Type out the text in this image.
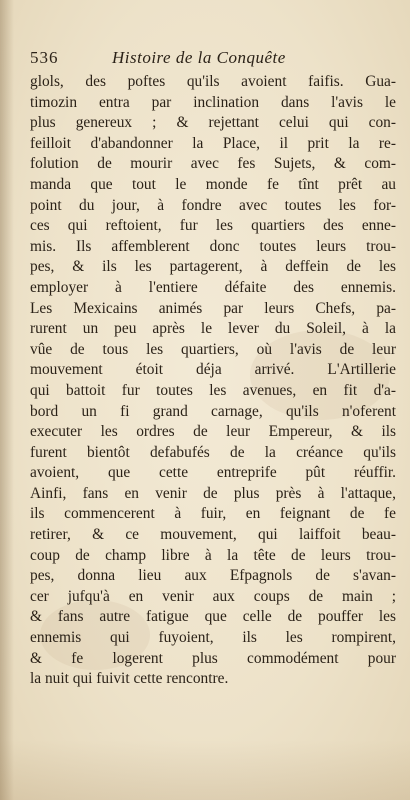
536	Histoire de la Conquête
glols, des poftes qu'ils avoient faifis. Gua-
timozin entra par inclination dans l'avis le
plus genereux ; & rejettant celui qui con-
feilloit d'abandonner la Place, il prit la re-
folution de mourir avec fes Sujets, & com-
manda que tout le monde fe tînt prêt au
point du jour, à fondre avec toutes les for-
ces qui reftoient, fur les quartiers des enne-
mis. Ils affemblerent donc toutes leurs trou-
pes, & ils les partagerent, à deffein de les
employer à l'entiere défaite des ennemis.
Les Mexicains animés par leurs Chefs, pa-
rurent un peu après le lever du Soleil, à la
vûe de tous les quartiers, où l'avis de leur
mouvement étoit déja arrivé. L'Artillerie
qui battoit fur toutes les avenues, en fit d'a-
bord un fi grand carnage, qu'ils n'oferent
executer les ordres de leur Empereur, & ils
furent bientôt defabufés de la créance qu'ils
avoient, que cette entreprife pût réuffir.
Ainfi, fans en venir de plus près à l'attaque,
ils commencerent à fuir, en feignant de fe
retirer, & ce mouvement, qui laiffoit beau-
coup de champ libre à la tête de leurs trou-
pes, donna lieu aux Efpagnols de s'avan-
cer jufqu'à en venir aux coups de main ;
& fans autre fatigue que celle de pouffer les
ennemis qui fuyoient, ils les rompirent,
& fe logerent plus commodément pour
la nuit qui fuivit cette rencontre.
